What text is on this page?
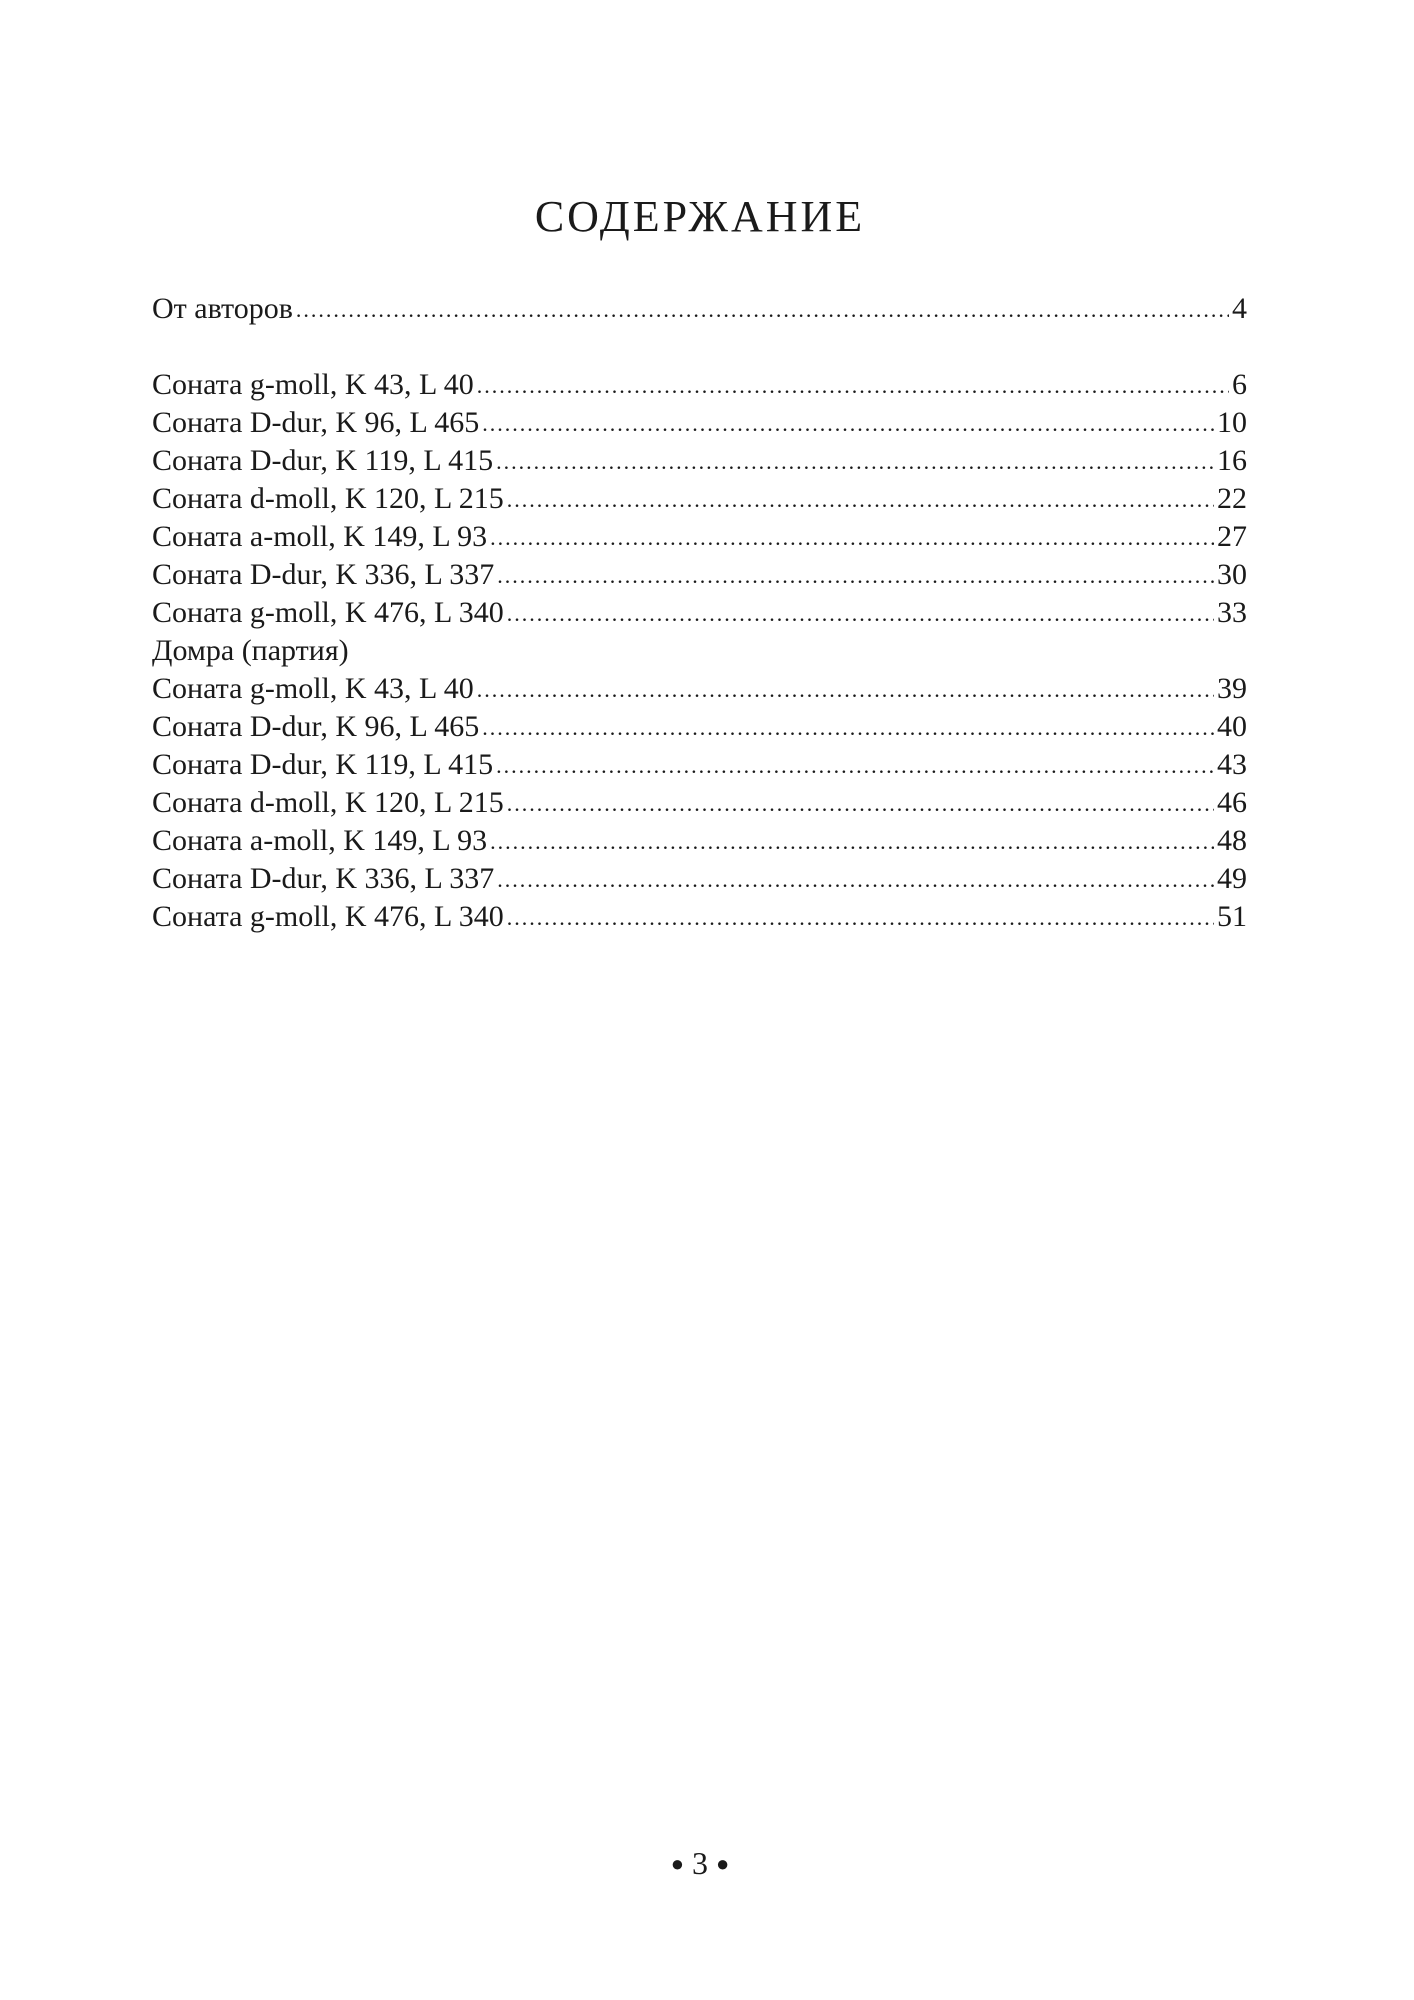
СОДЕРЖАНИЕ
От авторов .....	4
Соната g-moll, K 43, L 40 .....	6
Соната D-dur, K 96, L 465 .....	10
Соната D-dur, K 119, L 415 .....	16
Соната d-moll, K 120, L 215 .....	22
Соната a-moll, K 149, L 93 .....	27
Соната D-dur, K 336, L 337 .....	30
Соната g-moll, K 476, L 340 .....	33
Домра (партия)
Соната g-moll, K 43, L 40 .....	39
Соната D-dur, K 96, L 465 .....	40
Соната D-dur, K 119, L 415 .....	43
Соната d-moll, K 120, L 215 .....	46
Соната a-moll, K 149, L 93 .....	48
Соната D-dur, K 336, L 337 .....	49
Соната g-moll, K 476, L 340 .....	51
● 3 ●
